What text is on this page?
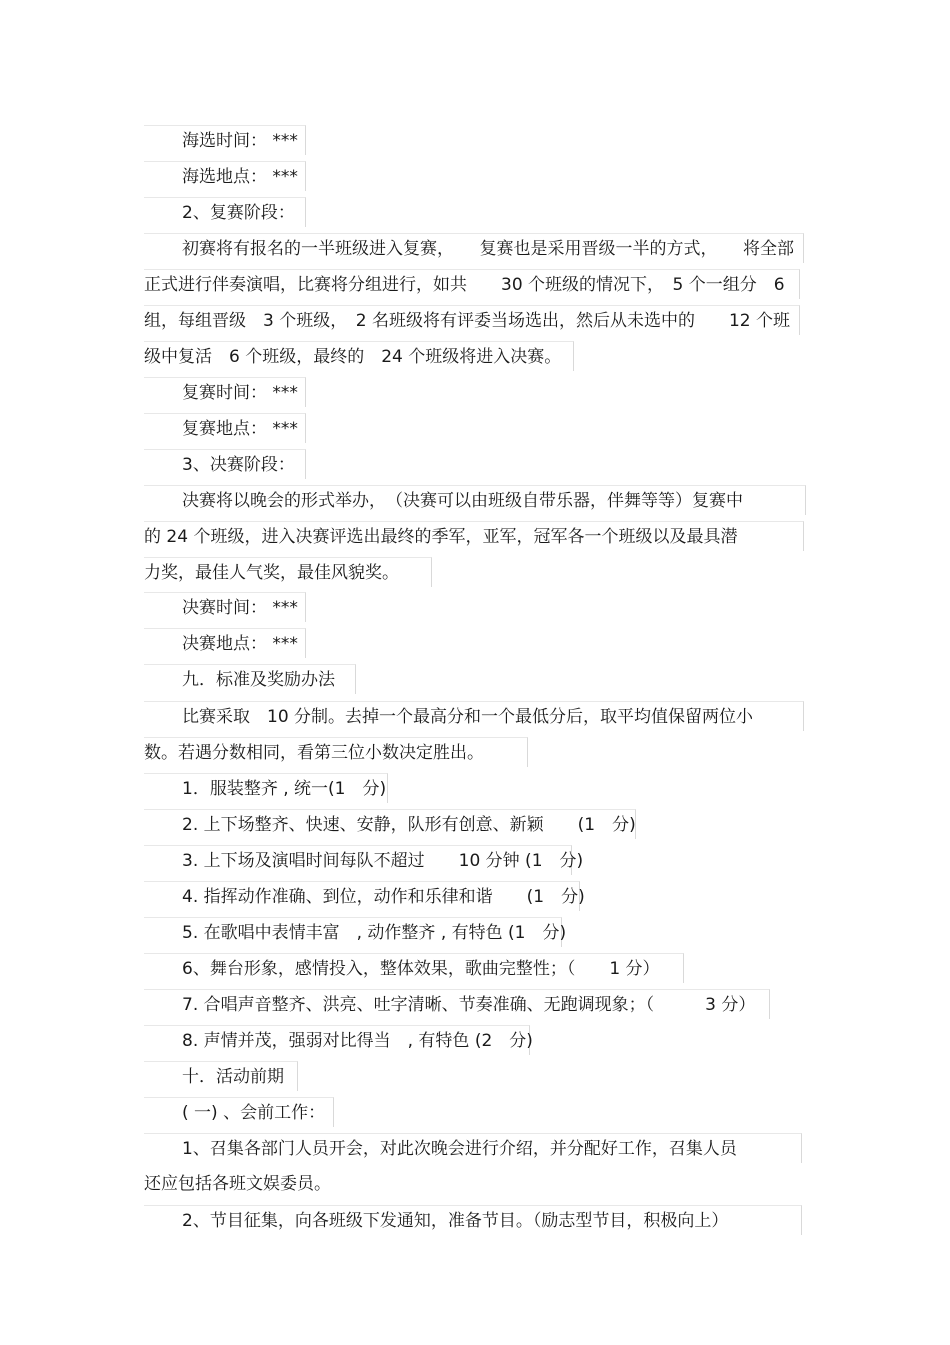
海选时间： ***
海选地点： ***
2、复赛阶段：
初赛将有报名的一半班级进入复赛，　　复赛也是采用晋级一半的方式，　　将全部
正式进行伴奏演唱，比赛将分组进行，如共　　30 个班级的情况下，　5 个一组分　6
组，每组晋级　3 个班级，　2 名班级将有评委当场选出，然后从未选中的　　12 个班
级中复活　6 个班级，最终的　24 个班级将进入决赛。
复赛时间： ***
复赛地点： ***
3、决赛阶段：
决赛将以晚会的形式举办，　（决赛可以由班级自带乐器，伴舞等等）复赛中
的 24 个班级，进入决赛评选出最终的季军，亚军，冠军各一个班级以及最具潜
力奖，最佳人气奖，最佳风貌奖。
决赛时间： ***
决赛地点： ***
九．标准及奖励办法
比赛采取　10 分制。去掉一个最高分和一个最低分后，取平均值保留两位小
数。若遇分数相同，看第三位小数决定胜出。
1．服装整齐 , 统一(1　分)
2. 上下场整齐、快速、安静，队形有创意、新颖　　(1　分)
3. 上下场及演唱时间每队不超过　　10 分钟 (1　分)
4. 指挥动作准确、到位，动作和乐律和谐　　(1　分)
5. 在歌唱中表情丰富　, 动作整齐 , 有特色 (1　分)
6、舞台形象，感情投入，整体效果，歌曲完整性；（　　1 分）
7. 合唱声音整齐、洪亮、吐字清晰、节奏准确、无跑调现象；（　　　3 分）
8. 声情并茂，强弱对比得当　, 有特色 (2　分)
十．活动前期
( 一) 、会前工作：
1、召集各部门人员开会，对此次晚会进行介绍，并分配好工作，召集人员
还应包括各班文娱委员。
2、节目征集，向各班级下发通知，准备节目。（励志型节目，积极向上）
